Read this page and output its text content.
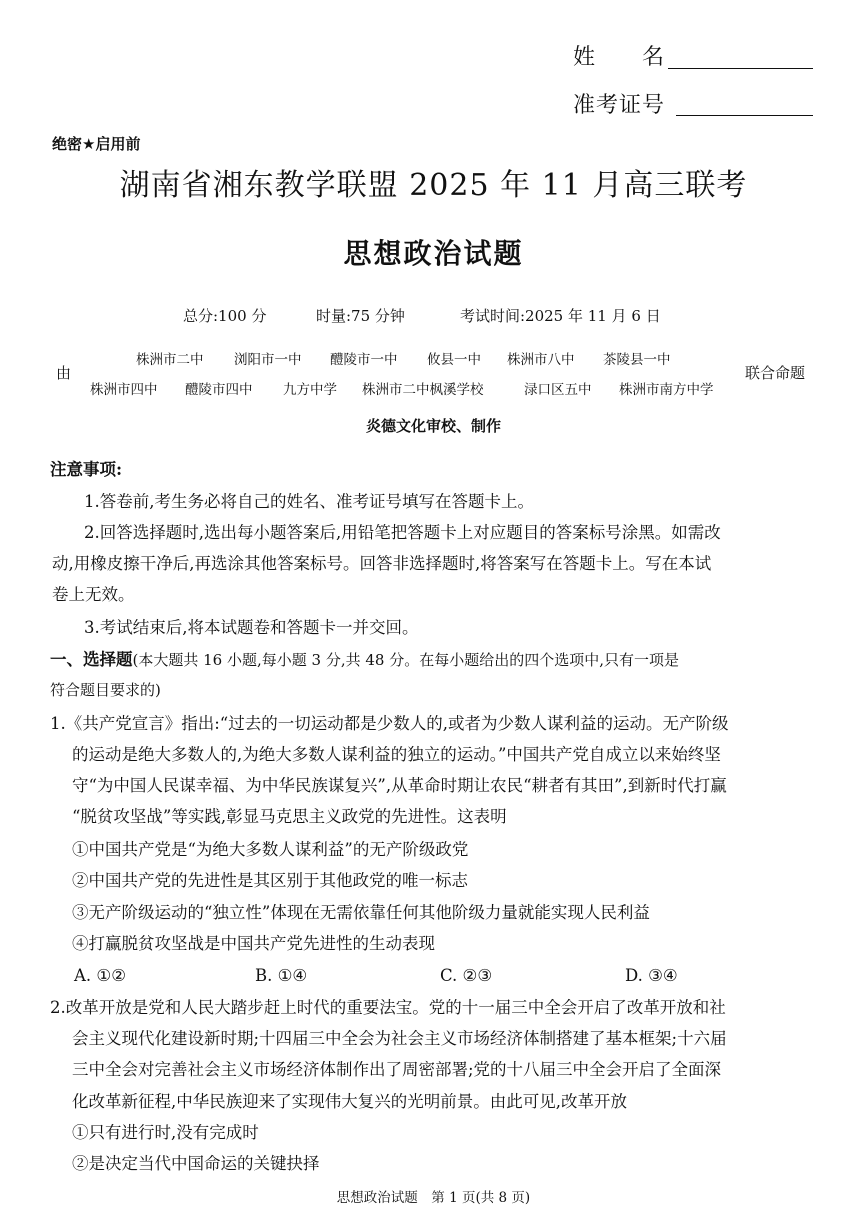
姓　　名
准考证号
绝密★启用前
湖南省湘东教学联盟 2025 年 11 月高三联考
思想政治试题
总分:100 分	时量:75 分钟	考试时间:2025 年 11 月 6 日
由
株洲市二中 浏阳市一中 醴陵市一中 攸县一中 株洲市八中 茶陵县一中
株洲市四中 醴陵市四中 九方中学 株洲市二中枫溪学校	渌口区五中 株洲市南方中学
联合命题
炎德文化审校、制作
注意事项:
1.答卷前,考生务必将自己的姓名、准考证号填写在答题卡上。
2.回答选择题时,选出每小题答案后,用铅笔把答题卡上对应题目的答案标号涂黑。如需改
动,用橡皮擦干净后,再选涂其他答案标号。回答非选择题时,将答案写在答题卡上。写在本试
卷上无效。
3.考试结束后,将本试题卷和答题卡一并交回。
一、选择题(本大题共 16 小题,每小题 3 分,共 48 分。在每小题给出的四个选项中,只有一项是
符合题目要求的)
1.《共产党宣言》指出:“过去的一切运动都是少数人的,或者为少数人谋利益的运动。无产阶级
的运动是绝大多数人的,为绝大多数人谋利益的独立的运动。”中国共产党自成立以来始终坚
守“为中国人民谋幸福、为中华民族谋复兴”,从革命时期让农民“耕者有其田”,到新时代打赢
“脱贫攻坚战”等实践,彰显马克思主义政党的先进性。这表明
①中国共产党是“为绝大多数人谋利益”的无产阶级政党
②中国共产党的先进性是其区别于其他政党的唯一标志
③无产阶级运动的“独立性”体现在无需依靠任何其他阶级力量就能实现人民利益
④打赢脱贫攻坚战是中国共产党先进性的生动表现
A. ①②	B. ①④	C. ②③	D. ③④
2.改革开放是党和人民大踏步赶上时代的重要法宝。党的十一届三中全会开启了改革开放和社
会主义现代化建设新时期;十四届三中全会为社会主义市场经济体制搭建了基本框架;十六届
三中全会对完善社会主义市场经济体制作出了周密部署;党的十八届三中全会开启了全面深
化改革新征程,中华民族迎来了实现伟大复兴的光明前景。由此可见,改革开放
①只有进行时,没有完成时
②是决定当代中国命运的关键抉择
思想政治试题　第 1 页(共 8 页)
